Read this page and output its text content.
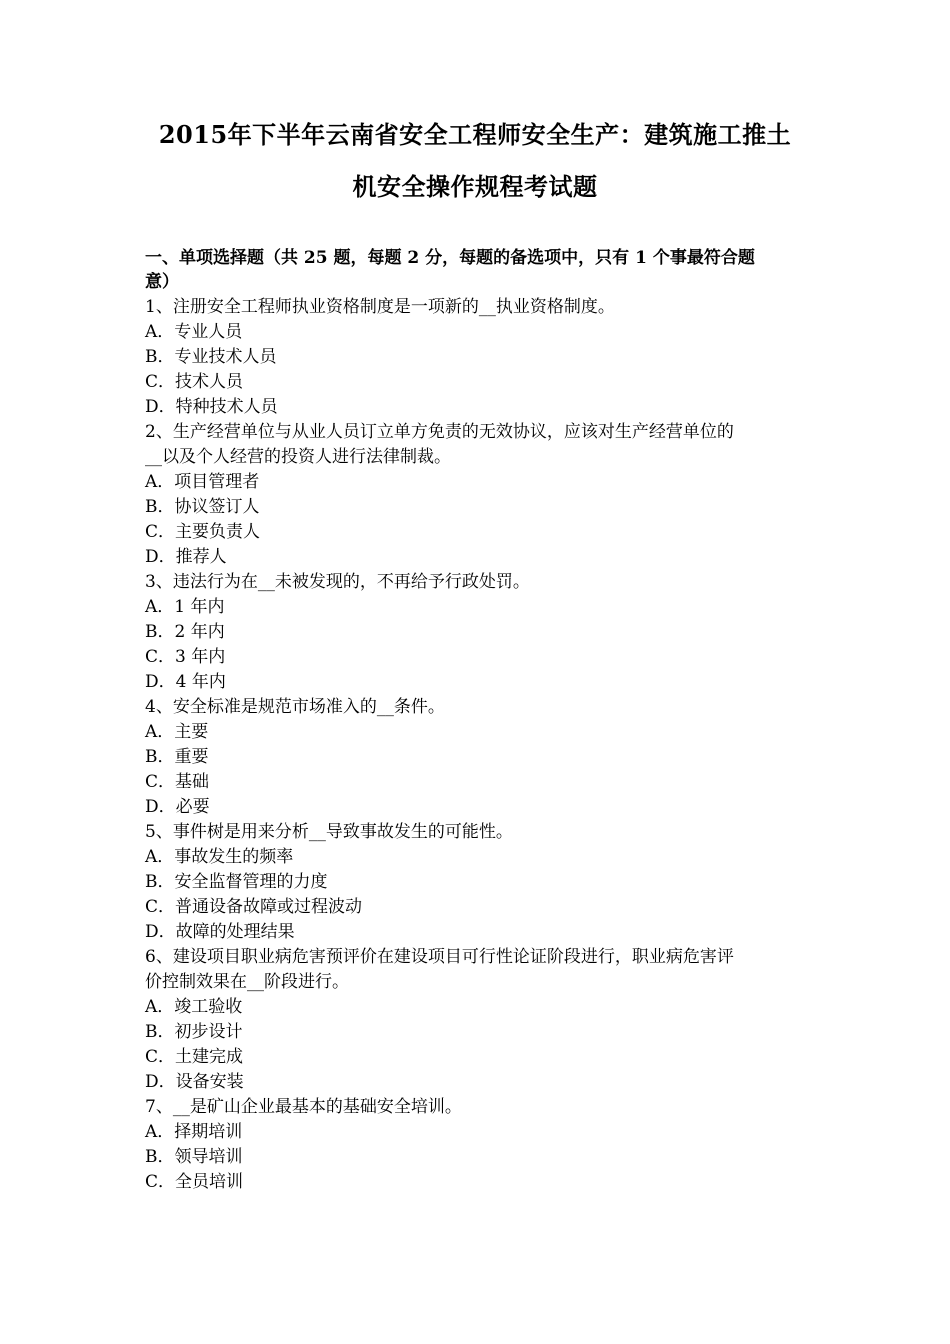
2015年下半年云南省安全工程师安全生产：建筑施工推土
机安全操作规程考试题
一、单项选择题（共 25 题，每题 2 分，每题的备选项中，只有 1 个事最符合题
意）
1、注册安全工程师执业资格制度是一项新的__执业资格制度。
A．专业人员
B．专业技术人员
C．技术人员
D．特种技术人员
2、生产经营单位与从业人员订立单方免责的无效协议，应该对生产经营单位的
__以及个人经营的投资人进行法律制裁。
A．项目管理者
B．协议签订人
C．主要负责人
D．推荐人
3、违法行为在__未被发现的，不再给予行政处罚。
A．1 年内
B．2 年内
C．3 年内
D．4 年内
4、安全标准是规范市场准入的__条件。
A．主要
B．重要
C．基础
D．必要
5、事件树是用来分析__导致事故发生的可能性。
A．事故发生的频率
B．安全监督管理的力度
C．普通设备故障或过程波动
D．故障的处理结果
6、建设项目职业病危害预评价在建设项目可行性论证阶段进行，职业病危害评
价控制效果在__阶段进行。
A．竣工验收
B．初步设计
C．土建完成
D．设备安装
7、__是矿山企业最基本的基础安全培训。
A．择期培训
B．领导培训
C．全员培训
